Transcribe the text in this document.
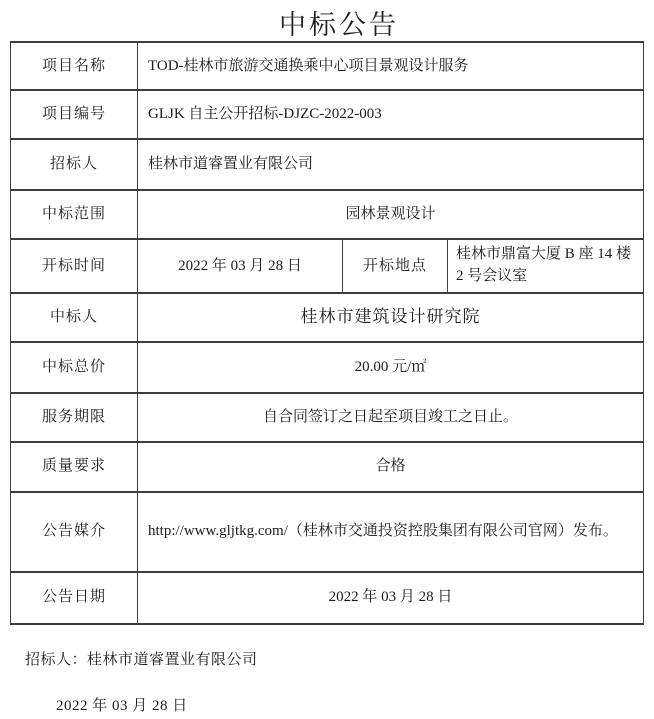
中标公告
项目名称	TOD-桂林市旅游交通换乘中心项目景观设计服务		
项目编号	GLJK 自主公开招标-DJZC-2022-003		
招标人	桂林市道睿置业有限公司		
中标范围	园林景观设计		
开标时间	2022 年 03 月 28 日	开标地点	桂林市鼎富大厦 B 座 14 楼 2 号会议室
中标人	桂林市建筑设计研究院		
中标总价	20.00 元/㎡		
服务期限	自合同签订之日起至项目竣工之日止。		
质量要求	合格		
公告媒介	http://www.gljtkg.com/（桂林市交通投资控股集团有限公司官网）发布。		
公告日期	2022 年 03 月 28 日		
招标人：桂林市道睿置业有限公司
2022 年 03 月 28 日
